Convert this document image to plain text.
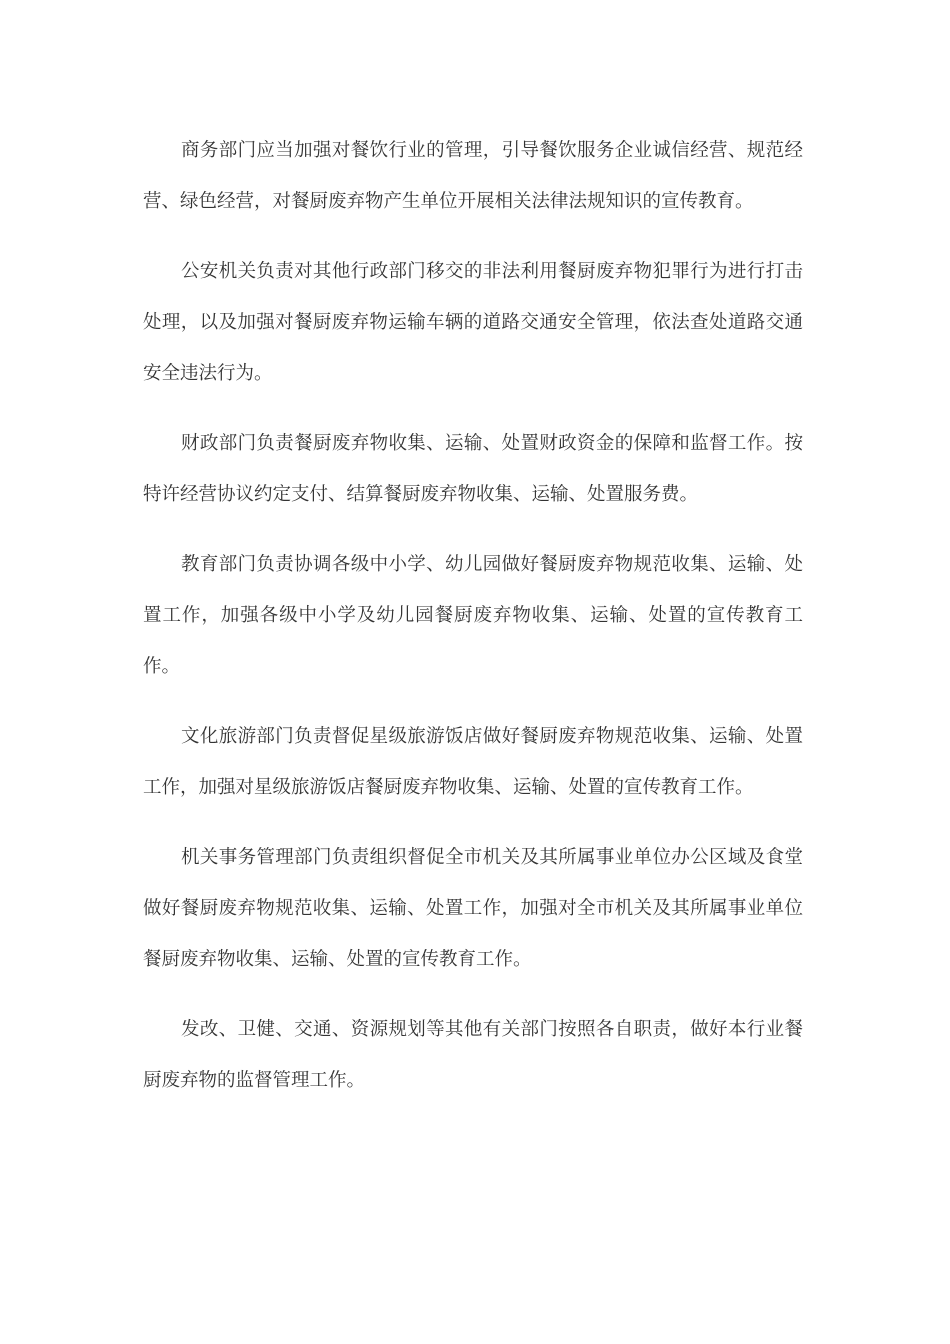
商务部门应当加强对餐饮行业的管理，引导餐饮服务企业诚信经营、规范经营、绿色经营，对餐厨废弃物产生单位开展相关法律法规知识的宣传教育。

公安机关负责对其他行政部门移交的非法利用餐厨废弃物犯罪行为进行打击处理，以及加强对餐厨废弃物运输车辆的道路交通安全管理，依法查处道路交通安全违法行为。

财政部门负责餐厨废弃物收集、运输、处置财政资金的保障和监督工作。按特许经营协议约定支付、结算餐厨废弃物收集、运输、处置服务费。

教育部门负责协调各级中小学、幼儿园做好餐厨废弃物规范收集、运输、处置工作，加强各级中小学及幼儿园餐厨废弃物收集、运输、处置的宣传教育工作。

文化旅游部门负责督促星级旅游饭店做好餐厨废弃物规范收集、运输、处置工作，加强对星级旅游饭店餐厨废弃物收集、运输、处置的宣传教育工作。

机关事务管理部门负责组织督促全市机关及其所属事业单位办公区域及食堂做好餐厨废弃物规范收集、运输、处置工作，加强对全市机关及其所属事业单位餐厨废弃物收集、运输、处置的宣传教育工作。

发改、卫健、交通、资源规划等其他有关部门按照各自职责，做好本行业餐厨废弃物的监督管理工作。
